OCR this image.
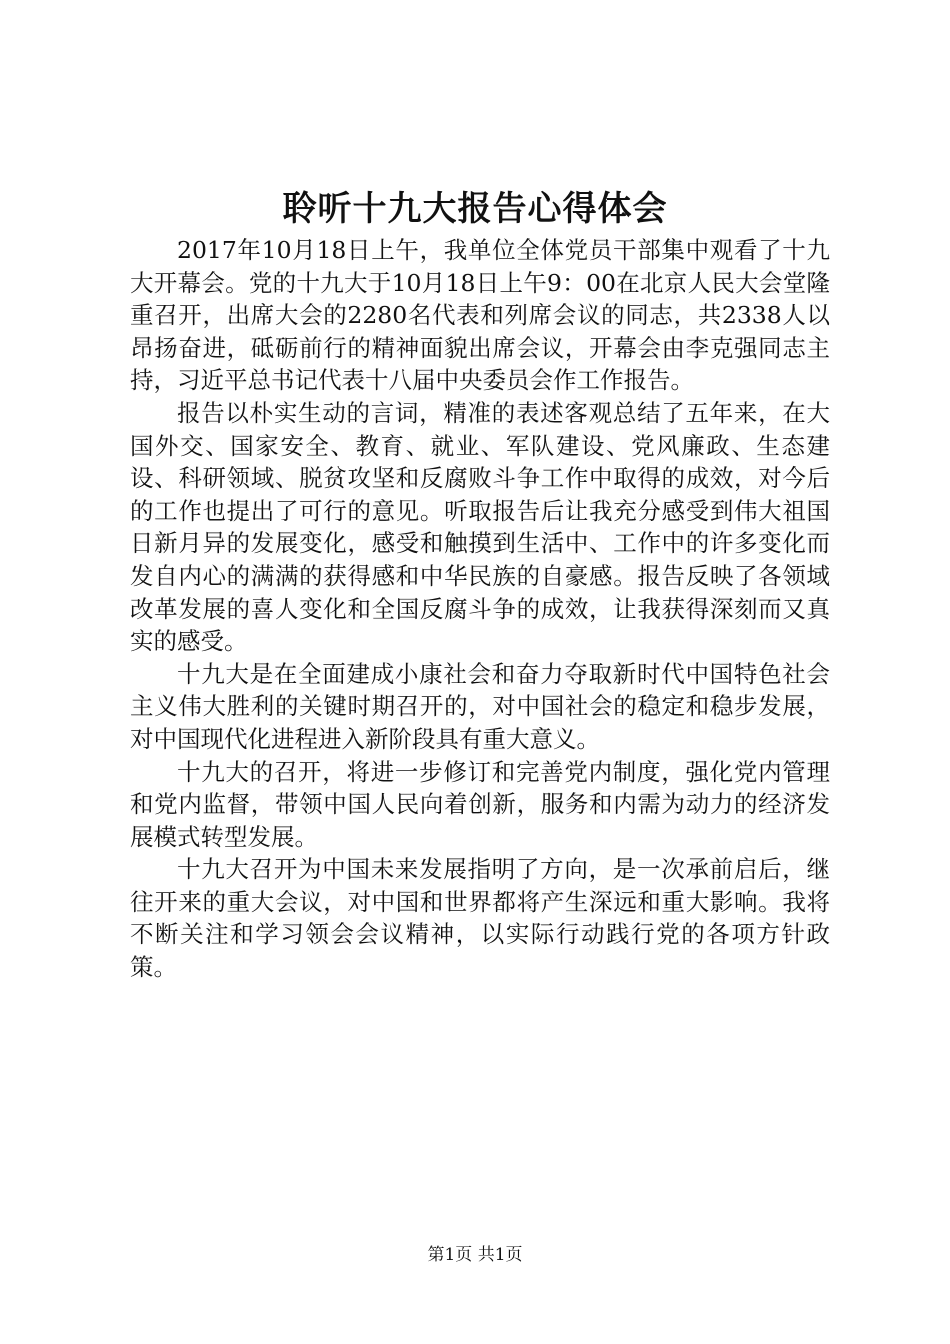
聆听十九大报告心得体会

2017年10月18日上午，我单位全体党员干部集中观看了十九大开幕会。党的十九大于10月18日上午9：00在北京人民大会堂隆重召开，出席大会的2280名代表和列席会议的同志，共2338人以昂扬奋进，砥砺前行的精神面貌出席会议，开幕会由李克强同志主持，习近平总书记代表十八届中央委员会作工作报告。

报告以朴实生动的言词，精准的表述客观总结了五年来，在大国外交、国家安全、教育、就业、军队建设、党风廉政、生态建设、科研领域、脱贫攻坚和反腐败斗争工作中取得的成效，对今后的工作也提出了可行的意见。听取报告后让我充分感受到伟大祖国日新月异的发展变化，感受和触摸到生活中、工作中的许多变化而发自内心的满满的获得感和中华民族的自豪感。报告反映了各领域改革发展的喜人变化和全国反腐斗争的成效，让我获得深刻而又真实的感受。

十九大是在全面建成小康社会和奋力夺取新时代中国特色社会主义伟大胜利的关键时期召开的，对中国社会的稳定和稳步发展，对中国现代化进程进入新阶段具有重大意义。

十九大的召开，将进一步修订和完善党内制度，强化党内管理和党内监督，带领中国人民向着创新，服务和内需为动力的经济发展模式转型发展。

十九大召开为中国未来发展指明了方向，是一次承前启后，继往开来的重大会议，对中国和世界都将产生深远和重大影响。我将不断关注和学习领会会议精神，以实际行动践行党的各项方针政策。

第1页 共1页
